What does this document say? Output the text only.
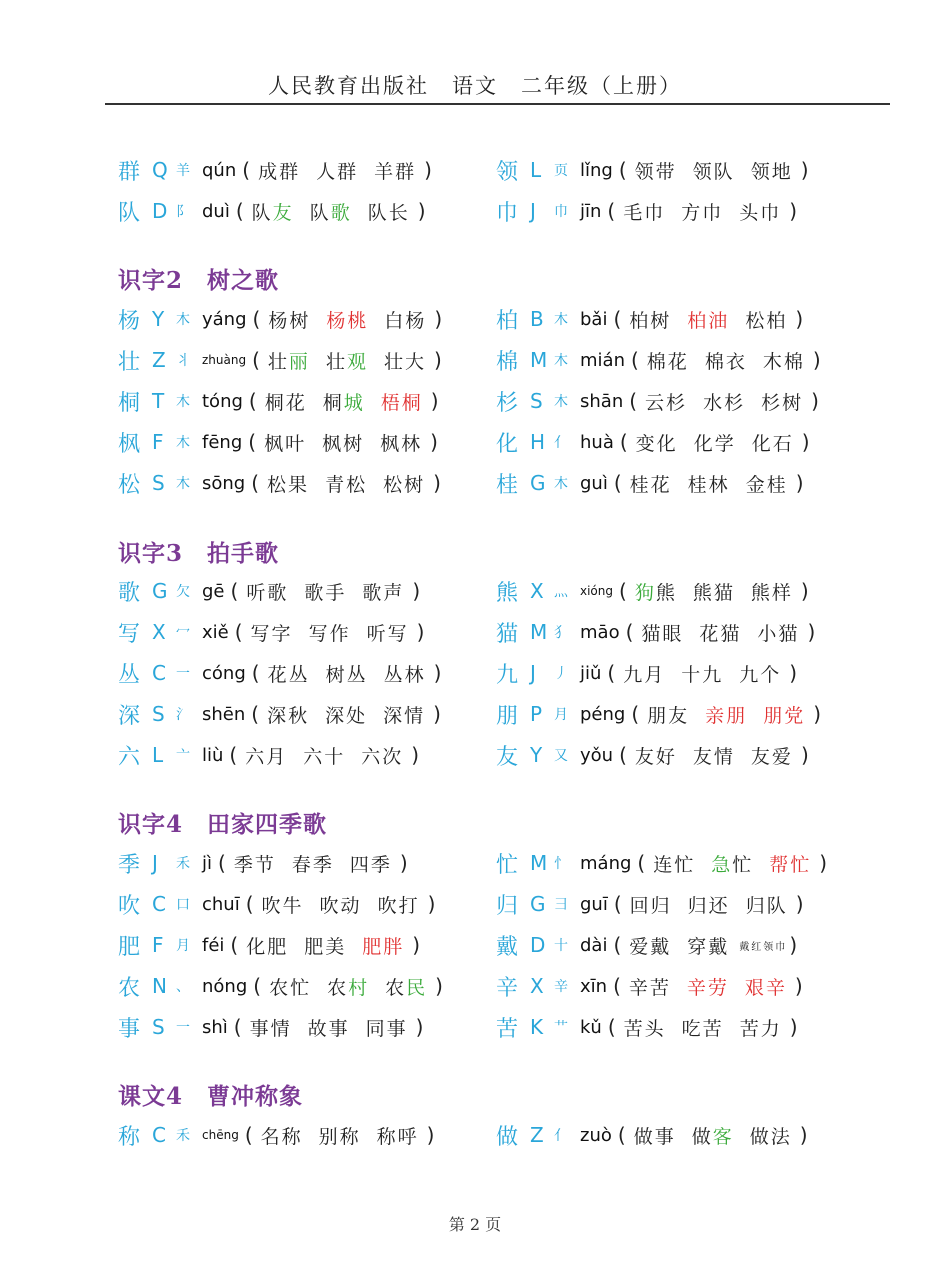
人民教育出版社　语文　二年级（上册）
识字2　树之歌
识字3　拍手歌
识字4　田家四季歌
课文4　曹冲称象
群 Q 羊 qún ( 成群 人群 羊群 )	领 L 页 lǐng ( 领带 领队 领地 )
队 D 阝 duì ( 队友 队歌 队长 )	巾 J	巾 jīn ( 毛巾 方巾 头巾 )
杨 Y 木 yáng ( 杨树 杨桃 白杨 ) 柏 B 木 bǎi ( 柏树 柏油 松柏 )
壮 Z 丬	zhuàng ( 壮丽 壮观 壮大 ) 棉 M 木 mián ( 棉花 棉衣 木棉 )
桐 T 木 tóng ( 桐花 桐城 梧桐 )	杉 S 木 shān ( 云杉 水杉 杉树 )
枫 F 木 fēng ( 枫叶 枫树 枫林 )	化 H 亻 huà ( 变化 化学 化石 )
松 S 木 sōng ( 松果 青松 松树 )	桂 G 木 guì ( 桂花 桂林 金桂 )
歌 G 欠 gē ( 听歌 歌手 歌声 )	熊 X 灬	xióng ( 狗熊 熊猫 熊样 )
写 X 冖 xiě ( 写字 写作 听写 )	猫 M 犭 māo ( 猫眼 花猫 小猫 )
丛 C 一 cóng ( 花丛 树丛 丛林 ) 九 J	丿 jiǔ ( 九月 十九 九个 )
深 S 氵 shēn ( 深秋 深处 深情 )	朋 P 月 péng ( 朋友 亲朋 朋党 )
六 L 亠 liù ( 六月 六十 六次 )	友 Y 又 yǒu ( 友好 友情 友爱 )
季 J	禾 jì ( 季节 春季 四季 )	忙 M 忄 máng ( 连忙 急忙 帮忙 )
吹 C 口 chuī ( 吹牛 吹动 吹打 )	归 G 彐 guī ( 回归 归还 归队 )
肥 F 月 féi ( 化肥 肥美 肥胖 )	戴 D 十 dài ( 爱戴 穿戴 戴红领巾 )
农 N 、 nóng ( 农忙 农村 农民 ) 辛 X 辛 xīn ( 辛苦 辛劳 艰辛 )
事 S 一 shì ( 事情 故事 同事 )	苦 K 艹 kǔ ( 苦头 吃苦 苦力 )
称 C 禾	chēng ( 名称 别称 称呼 )	做 Z 亻 zuò ( 做事 做客 做法 )
第 2 页
